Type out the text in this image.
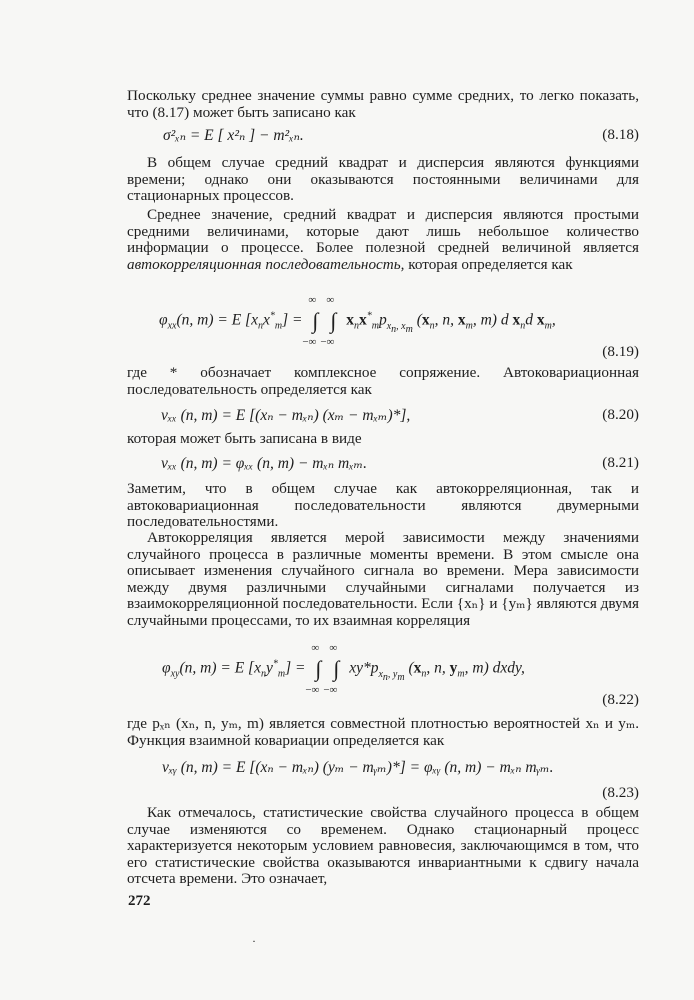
Поскольку среднее значение суммы равно сумме средних, то легко показать, что (8.17) может быть записано как

σ²ₓₙ = E [ x²ₙ ] − m²ₓₙ.	(8.18)

В общем случае средний квадрат и дисперсия являются функциями времени; однако они оказываются постоянными величинами для стационарных процессов.

Среднее значение, средний квадрат и дисперсия являются простыми средними величинами, которые дают лишь небольшое количество информации о процессе. Более полезной средней величиной является автокорреляционная последовательность, которая определяется как

$\varphi_{xx}(n$, m) = E $[x_nx^*_m]$ = ∫
∞
−∞
∫
∞
−∞
$x_nx^*_mp_{x_n, x_m}$ ($x_n$, n, $x_m$, m) d $x_nd$ $x_m$,
(8.19)

где * обозначает комплексное сопряжение. Автоковариационная последовательность определяется как

νₓₓ (n, m) = E [(xₙ − mₓₙ) (xₘ − mₓₘ)*],	(8.20)

которая может быть записана в виде

νₓₓ (n, m) = φₓₓ (n, m) − mₓₙ mₓₘ.	(8.21)

Заметим, что в общем случае как автокорреляционная, так и автоковариационная последовательности являются двумерными последовательностями.

Автокорреляция является мерой зависимости между значениями случайного процесса в различные моменты времени. В этом смысле она описывает изменения случайного сигнала во времени. Мера зависимости между двумя различными случайными сигналами получается из взаимокорреляционной последовательности. Если {xₙ} и {yₘ} являются двумя случайными процессами, то их взаимная корреляция

$\varphi_{xy}(n$, m) = E $[x_ny^*_m]$ = ∫
∞
−∞
∫
∞
−∞
$xy*p_{x_n, y_m}$ ($x_n$, n, $y_m$, m) dxdy,
(8.22)

где pₓₙ (xₙ, n, yₘ, m) является совместной плотностью вероятностей xₙ и yₘ. Функция взаимной ковариации определяется как

νₓᵧ (n, m) = E [(xₙ − mₓₙ) (yₘ − mᵧₘ)*] = φₓᵧ (n, m) − mₓₙ mᵧₘ.
(8.23)

Как отмечалось, статистические свойства случайного процесса в общем случае изменяются со временем. Однако стационарный процесс характеризуется некоторым условием равновесия, заключающимся в том, что его статистические свойства оказываются инвариантными к сдвигу начала отсчета времени. Это означает,

272
·
